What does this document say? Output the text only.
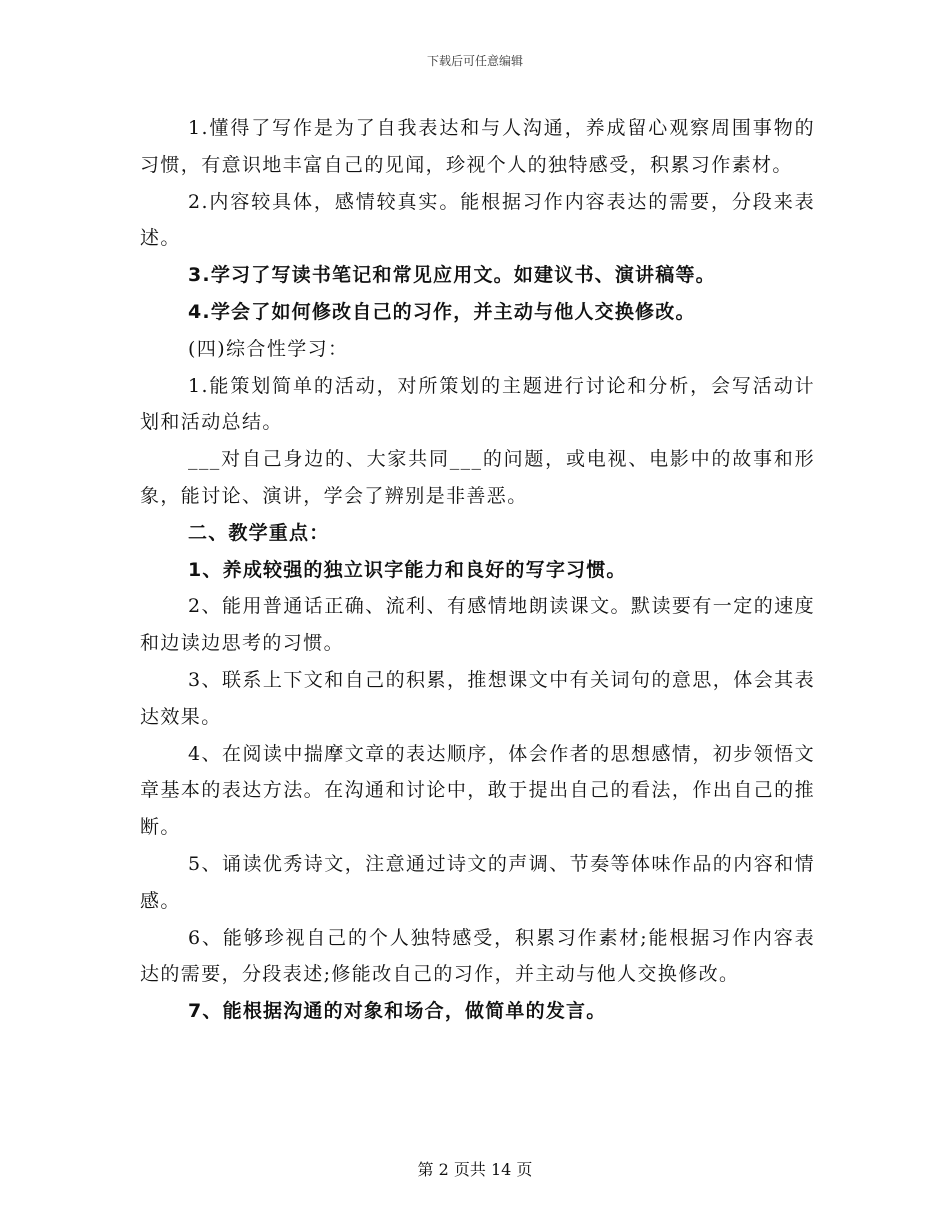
下载后可任意编辑

1.懂得了写作是为了自我表达和与人沟通，养成留心观察周围事物的习惯，有意识地丰富自己的见闻，珍视个人的独特感受，积累习作素材。

2.内容较具体，感情较真实。能根据习作内容表达的需要，分段来表述。

3.学习了写读书笔记和常见应用文。如建议书、演讲稿等。

4.学会了如何修改自己的习作，并主动与他人交换修改。

(四)综合性学习：

1.能策划简单的活动，对所策划的主题进行讨论和分析，会写活动计划和活动总结。

___对自己身边的、大家共同___的问题，或电视、电影中的故事和形象，能讨论、演讲，学会了辨别是非善恶。

二、教学重点：

1、养成较强的独立识字能力和良好的写字习惯。

2、能用普通话正确、流利、有感情地朗读课文。默读要有一定的速度和边读边思考的习惯。

3、联系上下文和自己的积累，推想课文中有关词句的意思，体会其表达效果。

4、在阅读中揣摩文章的表达顺序，体会作者的思想感情，初步领悟文章基本的表达方法。在沟通和讨论中，敢于提出自己的看法，作出自己的推断。

5、诵读优秀诗文，注意通过诗文的声调、节奏等体味作品的内容和情感。

6、能够珍视自己的个人独特感受，积累习作素材;能根据习作内容表达的需要，分段表述;修能改自己的习作，并主动与他人交换修改。

7、能根据沟通的对象和场合，做简单的发言。

第 2 页共 14 页
